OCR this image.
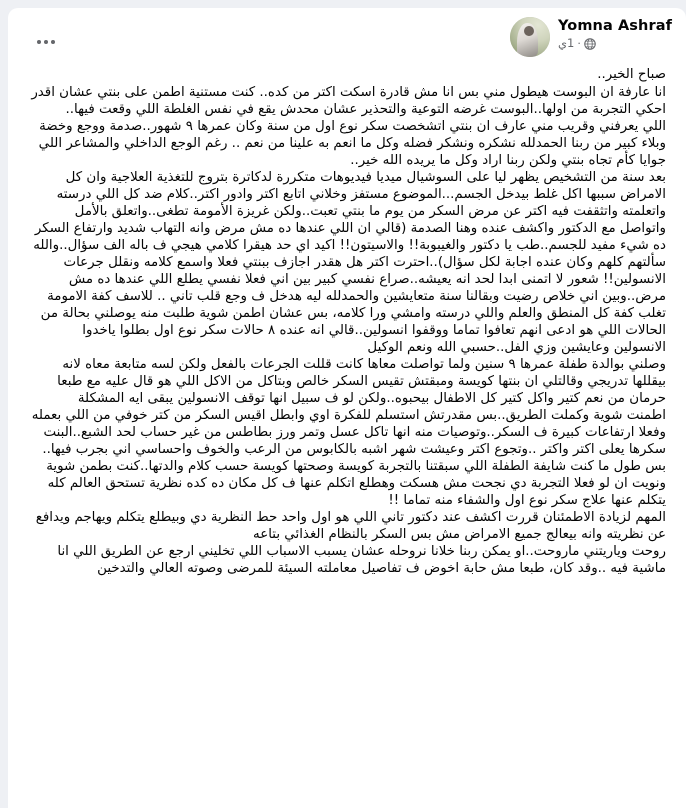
Yomna Ashraf
·
1ي

صباح الخير..

انا عارفة ان البوست هيطول مني بس انا مش قادرة اسكت اكتر من كده.. كنت مستنية اطمن على بنتي عشان اقدر احكي التجربة من اولها..البوست غرضه التوعية والتحذير عشان محدش يقع في نفس الغلطة اللي وقعت فيها..

اللي يعرفني وقريب مني عارف ان بنتي اتشخصت سكر نوع اول من سنة وكان عمرها ٩ شهور..صدمة ووجع وخضة وبلاء كبير من ربنا الحمدلله نشكره ونشكر فضله وكل ما انعم به علينا من نعم .. رغم الوجع الداخلي والمشاعر اللي جوايا كأم تجاه بنتي ولكن ربنا اراد وكل ما يريده الله خير..

بعد سنة من التشخيص يظهر ليا على السوشيال ميديا فيديوهات متكررة لدكاترة بتروج للتغذية العلاجية وان كل الامراض سببها اكل غلط بيدخل الجسم...الموضوع مستفز وخلاني اتابع اكتر وادور اكتر..كلام ضد كل اللي درسته واتعلمته واتثقفت فيه اكتر عن مرض السكر من يوم ما بنتي تعبت..ولكن غريزة الأمومة تطغى..واتعلق بالأمل

واتواصل مع الدكتور واكشف عنده وهنا الصدمة (قالي ان اللي عندها ده مش مرض وانه التهاب شديد وارتفاع السكر ده شيء مفيد للجسم..طب يا دكتور والغيبوبة!! والاسيتون!! اكيد اي حد هيقرا كلامي هيجي ف باله الف سؤال..والله سألتهم كلهم وكان عنده اجابة لكل سؤال)..احترت اكتر هل هقدر اجازف ببنتي فعلا واسمع كلامه ونقلل جرعات الانسولين!! شعور لا اتمنى ابدا لحد انه يعيشه..صراع نفسي كبير بين اني فعلا نفسي يطلع اللي عندها ده مش مرض..وبين اني خلاص رضيت وبقالنا سنة متعايشين والحمدلله ليه هدخل ف وجع قلب تاني .. للاسف كفة الامومة تغلب كفة كل المنطق والعلم واللي درسته وامشي ورا كلامه، بس عشان اطمن شوية طلبت منه يوصلني بحالة من الحالات اللي هو ادعى انهم تعافوا تماما ووقفوا انسولين..قالي انه عنده ٨ حالات سكر نوع اول بطلوا ياخدوا الانسولين وعايشين وزي الفل..حسبي الله ونعم الوكيل

وصلني بوالدة طفلة عمرها ٩ سنين ولما تواصلت معاها كانت قللت الجرعات بالفعل ولكن لسه متابعة معاه لانه بيقللها تدريجي وقالتلي ان بنتها كويسة ومبقتش تقيس السكر خالص وبتاكل من الاكل اللي هو قال عليه مع طبعا حرمان من نعم كتير واكل كتير كل الاطفال بيحبوه..ولكن لو ف سبيل انها توقف الانسولين يبقى ايه المشكلة

اطمنت شوية وكملت الطريق..بس مقدرتش استسلم للفكرة اوي وابطل اقيس السكر من كتر خوفي من اللي بعمله

وفعلا ارتفاعات كبيرة ف السكر..وتوصيات منه انها تاكل عسل وتمر ورز بطاطس من غير حساب لحد الشبع..البنت سكرها يعلى اكتر واكتر ..وتجوع اكتر وعيشت شهر اشبه بالكابوس من الرعب والخوف واحساسي اني بجرب فيها..

بس طول ما كنت شايفة الطفلة اللي سبقتنا بالتجربة كويسة وصحتها كويسة حسب كلام والدتها..كنت بطمن شوية

ونويت ان لو فعلا التجربة دي نجحت مش هسكت وهطلع اتكلم عنها ف كل مكان ده كده نظرية تستحق العالم كله يتكلم عنها علاج سكر نوع اول والشفاء منه تماما !!

المهم لزيادة الاطمئنان قررت اكشف عند دكتور تاني اللي هو اول واحد حط النظرية دي وبيطلع يتكلم ويهاجم ويدافع عن نظريته وانه بيعالج جميع الامراض مش بس السكر بالنظام الغذائي بتاعه

روحت وياريتني ماروحت..او يمكن ربنا خلانا نروحله عشان يسبب الاسباب اللي تخليني ارجع عن الطريق اللي انا ماشية فيه ..وقد كان، طبعا مش حابة اخوض ف تفاصيل معاملته السيئة للمرضى وصوته العالي والتدخين
